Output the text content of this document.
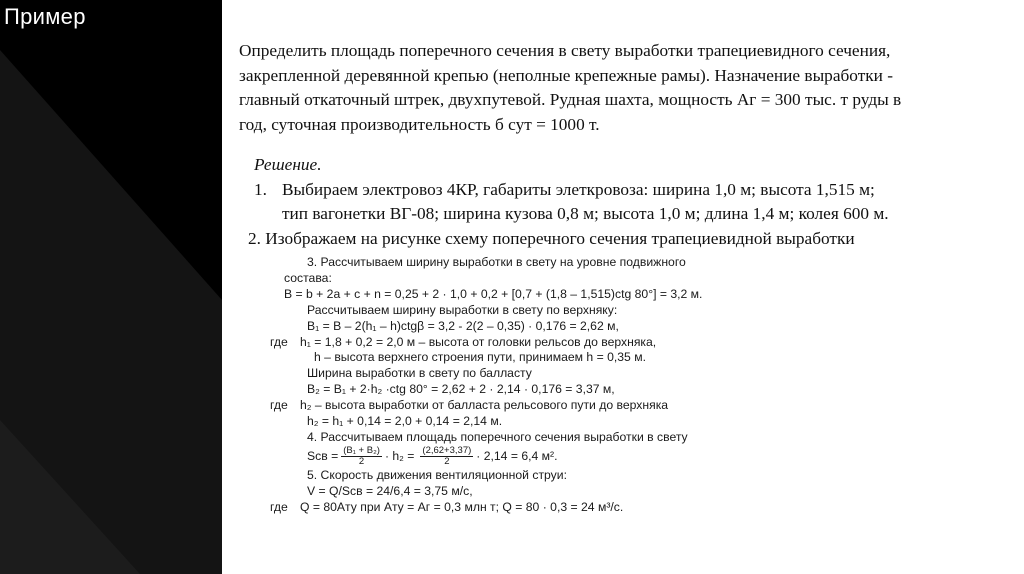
Пример

Определить площадь поперечного сечения в свету выработки трапециевидного сечения,

закрепленной деревянной крепью (неполные крепежные рамы). Назначение выработки -

главный откаточный штрек, двухпутевой. Рудная шахта, мощность Аг = 300 тыс. т руды в

год, суточная производительность б сут = 1000 т.

Решение.
1. Выбираем электровоз 4КР, габариты элеткровоза: ширина 1,0 м; высота 1,515 м;
тип вагонетки ВГ-08; ширина кузова 0,8 м; высота 1,0 м; длина 1,4 м; колея 600 м.
2. Изображаем на рисунке схему поперечного сечения трапециевидной выработки
3. Рассчитываем ширину выработки в свету на уровне подвижного
состава:
B = b + 2a + c + n = 0,25 + 2 · 1,0 + 0,2 + [0,7 + (1,8 – 1,515)ctg 80°] = 3,2 м.
Рассчитываем ширину выработки в свету по верхняку:
B₁ = B – 2(h₁ – h)ctgβ = 3,2 - 2(2 – 0,35) · 0,176 = 2,62 м,
где h₁ = 1,8 + 0,2 = 2,0 м – высота от головки рельсов до верхняка,
h – высота верхнего строения пути, принимаем h = 0,35 м.
Ширина выработки в свету по балласту
B₂ = B₁ + 2·h₂ ·ctg 80° = 2,62 + 2 · 2,14 · 0,176 = 3,37 м,
где h₂ – высота выработки от балласта рельсового пути до верхняка
h₂ = h₁ + 0,14 = 2,0 + 0,14 = 2,14 м.
4. Рассчитываем площадь поперечного сечения выработки в свету
Sсв = $\frac{\text{(B₁ + B₂)}}{2} \cdot h_2 = \frac{(2,62+3,37)}{2} \cdot 2,14 = 6,4$ м².
5. Скорость движения вентиляционной струи:
V = Q/Sсв = 24/6,4 = 3,75 м/с,
где Q = 80Aту при Aту = Aг = 0,3 млн т; Q = 80 · 0,3 = 24 м³/с.
